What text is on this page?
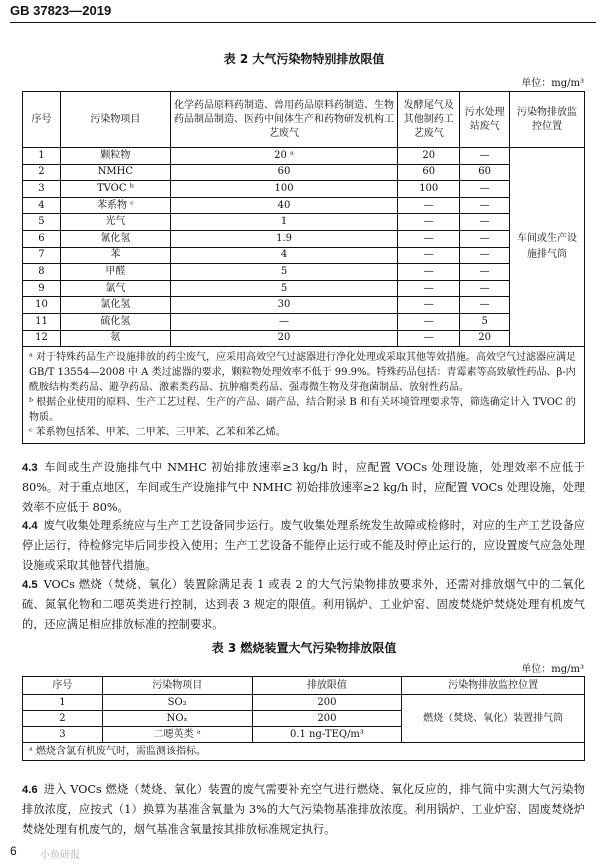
GB 37823—2019
表 2 大气污染物特别排放限值
单位：mg/m³
序号	污染物项目	化学药品原料药制造、兽用药品原料药制造、生物药品制品制造、医药中间体生产和药物研发机构工艺废气	发酵尾气及其他制药工艺废气	污水处理站废气	污染物排放监控位置
1	颗粒物	20 ᵃ	20	—	车间或生产设施排气筒
2	NMHC	60	60	60	
3	TVOC ᵇ	100	100	—	
4	苯系物 ᶜ	40	—	—	
5	光气	1	—	—	
6	氰化氢	1.9	—	—	
7	苯	4	—	—	
8	甲醛	5	—	—	
9	氯气	5	—	—	
10	氯化氢	30	—	—	
11	硫化氢	—	—	5	
12	氨	20	—	20	

ᵃ 对于特殊药品生产设施排放的药尘废气，应采用高效空气过滤器进行净化处理或采取其他等效措施。高效空气过滤器应满足 GB/T 13554—2008 中 A 类过滤器的要求，颗粒物处理效率不低于 99.9%。特殊药品包括：青霉素等高致敏性药品、β-内酰胺结构类药品、避孕药品、激素类药品、抗肿瘤类药品、强毒微生物及芽孢菌制品、放射性药品。
ᵇ 根据企业使用的原料、生产工艺过程、生产的产品、副产品，结合附录 B 和有关环境管理要求等，筛选确定计入 TVOC 的物质。
ᶜ 苯系物包括苯、甲苯、二甲苯、三甲苯、乙苯和苯乙烯。					
4.3 车间或生产设施排气中 NMHC 初始排放速率≥3 kg/h 时，应配置 VOCs 处理设施，处理效率不应低于 80%。对于重点地区，车间或生产设施排气中 NMHC 初始排放速率≥2 kg/h 时，应配置 VOCs 处理设施，处理效率不应低于 80%。
4.4 废气收集处理系统应与生产工艺设备同步运行。废气收集处理系统发生故障或检修时，对应的生产工艺设备应停止运行，待检修完毕后同步投入使用；生产工艺设备不能停止运行或不能及时停止运行的，应设置废气应急处理设施或采取其他替代措施。
4.5 VOCs 燃烧（焚烧、氧化）装置除满足表 1 或表 2 的大气污染物排放要求外，还需对排放烟气中的二氧化硫、氮氧化物和二噁英类进行控制，达到表 3 规定的限值。利用锅炉、工业炉窑、固废焚烧炉焚烧处理有机废气的，还应满足相应排放标准的控制要求。
表 3 燃烧装置大气污染物排放限值
单位：mg/m³
序号	污染物项目	排放限值	污染物排放监控位置
1	SO₂	200	燃烧（焚烧、氧化）装置排气筒
2	NOₓ	200	
3	二噁英类 ᵃ	0.1 ng-TEQ/m³	
ᵃ 燃烧含氯有机废气时，需监测该指标。			
4.6 进入 VOCs 燃烧（焚烧、氧化）装置的废气需要补充空气进行燃烧、氧化反应的，排气筒中实测大气污染物排放浓度，应按式（1）换算为基准含氧量为 3%的大气污染物基准排放浓度。利用锅炉、工业炉窑、固废焚烧炉焚烧处理有机废气的，烟气基准含氧量按其排放标准规定执行。
6 小鱼研报
